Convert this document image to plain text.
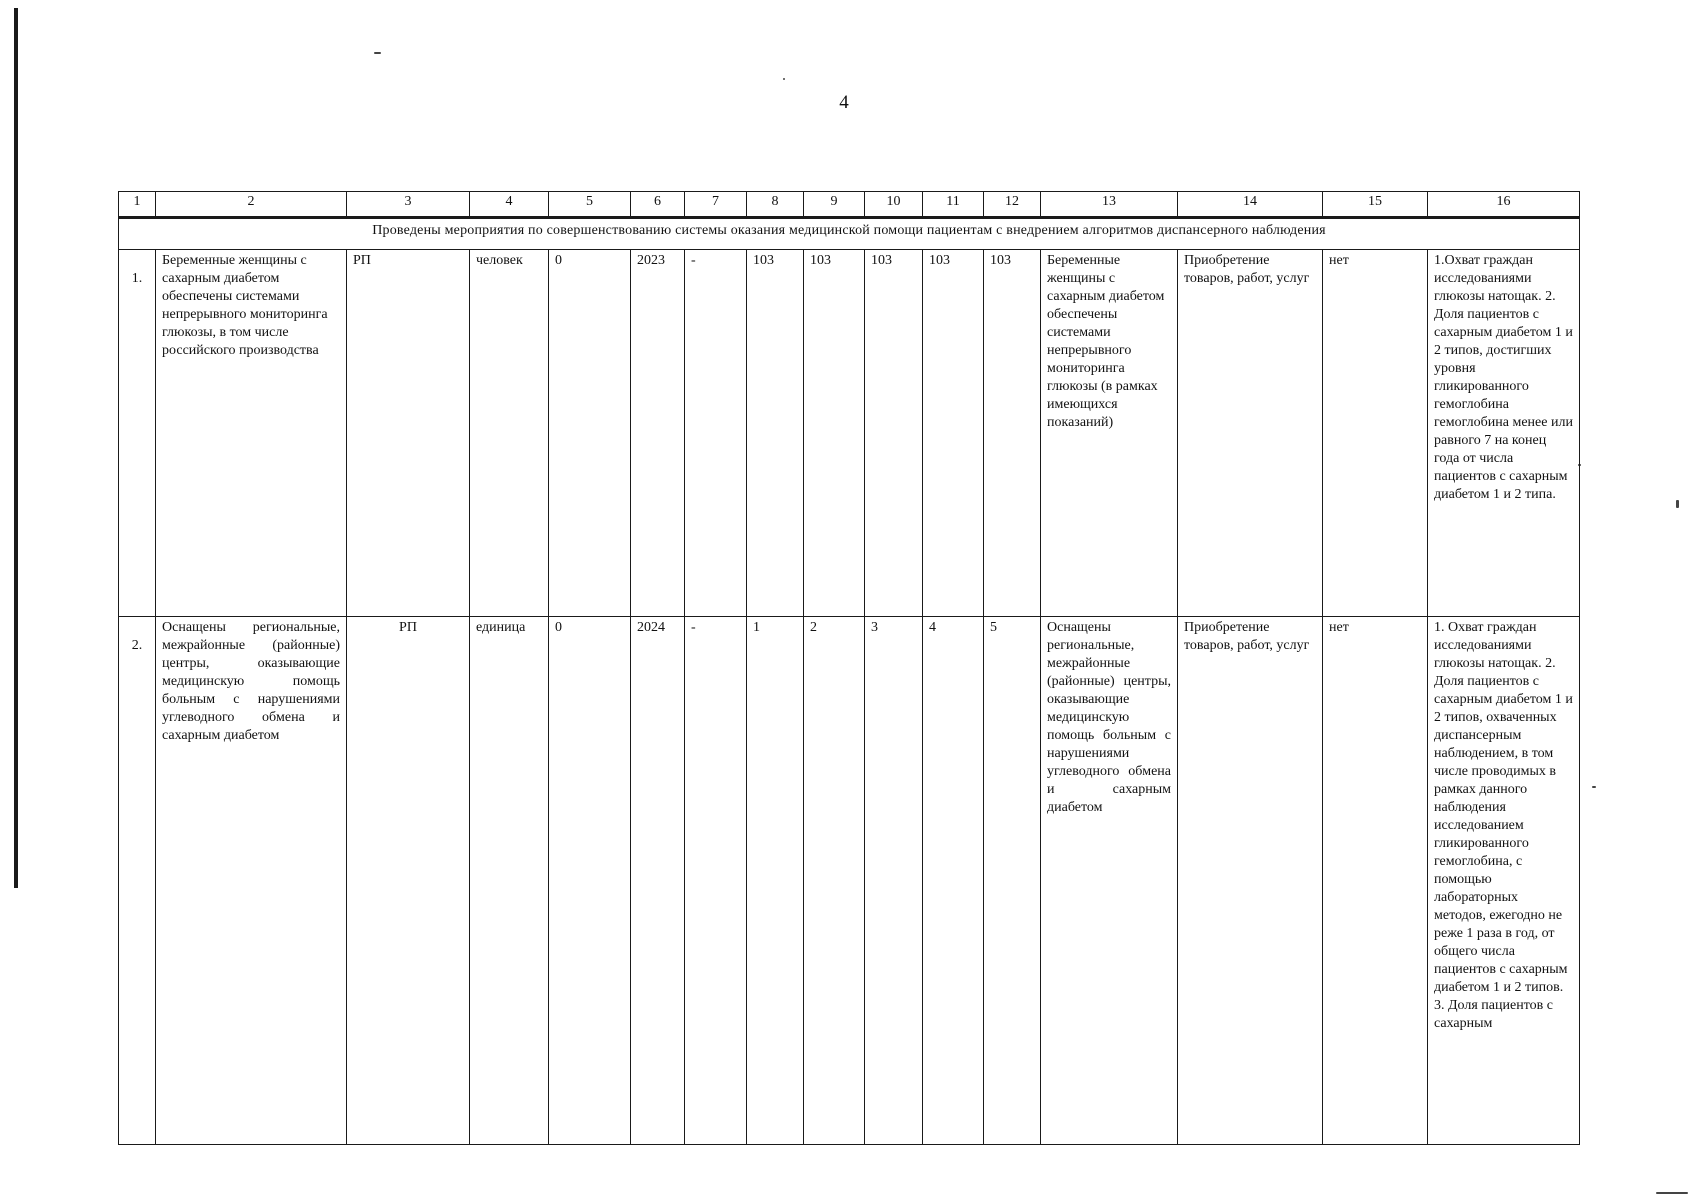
4
1	2	3	4	5	6	7	8	9	10	11	12	13	14	15	16
Проведены мероприятия по совершенствованию системы оказания медицинской помощи пациентам с внедрением алгоритмов диспансерного наблюдения															
1.	Беременные женщины с сахарным диабетом обеспечены системами непрерывного мониторинга глюкозы, в том числе российского производства	РП	человек	0	2023	-	103	103	103	103	103	Беременные женщины с сахарным диабетом обеспечены системами непрерывного мониторинга глюкозы (в рамках имеющихся показаний)	Приобретение товаров, работ, услуг	нет	1.Охват граждан исследованиями глюкозы натощак. 2. Доля пациентов с сахарным диабетом 1 и 2 типов, достигших уровня гликированного гемоглобина гемоглобина менее или равного 7 на конец года от числа пациентов с сахарным диабетом 1 и 2 типа.
2.	Оснащены региональные, межрайонные (районные) центры, оказывающие медицинскую помощь больным с нарушениями углеводного обмена и сахарным диабетом	РП	единица	0	2024	-	1	2	3	4	5	Оснащены региональные, межрайонные (районные) центры, оказывающие медицинскую помощь больным с нарушениями углеводного обмена и сахарным диабетом	Приобретение товаров, работ, услуг	нет	1. Охват граждан исследованиями глюкозы натощак. 2. Доля пациентов с сахарным диабетом 1 и 2 типов, охваченных диспансерным наблюдением, в том числе проводимых в рамках данного наблюдения исследованием гликированного гемоглобина, с помощью лабораторных методов, ежегодно не реже 1 раза в год, от общего числа пациентов с сахарным диабетом 1 и 2 типов. 3. Доля пациентов с сахарным
